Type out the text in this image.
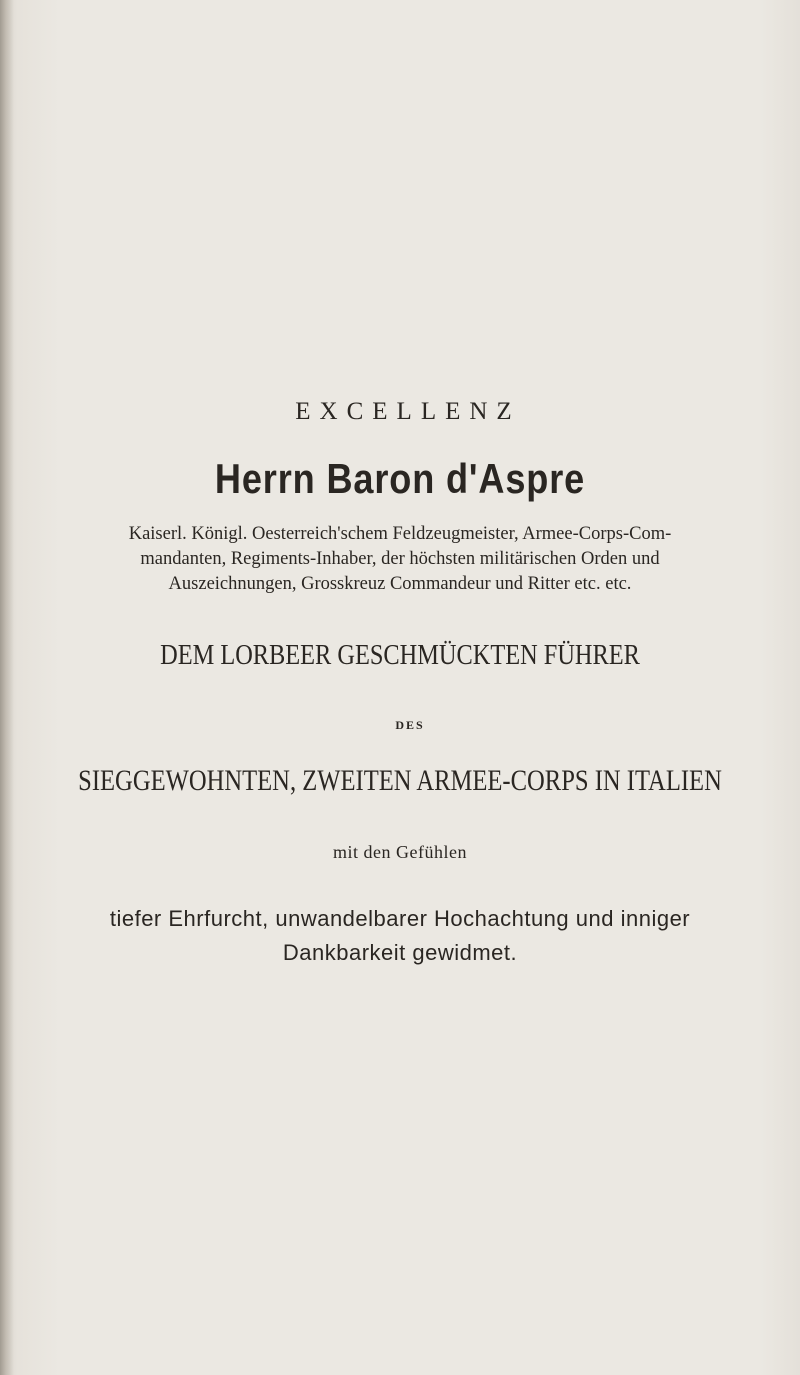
EXCELLENZ
Herrn Baron d'Aspre
Kaiserl. Königl. Oesterreich'schem Feldzeugmeister, Armee-Corps-Com-
mandanten, Regiments-Inhaber, der höchsten militärischen Orden und
Auszeichnungen, Grosskreuz Commandeur und Ritter etc. etc.
DEM LORBEER GESCHMÜCKTEN FÜHRER
DES
SIEGGEWOHNTEN, ZWEITEN ARMEE-CORPS IN ITALIEN
mit den Gefühlen
tiefer Ehrfurcht, unwandelbarer Hochachtung und inniger
Dankbarkeit gewidmet.
